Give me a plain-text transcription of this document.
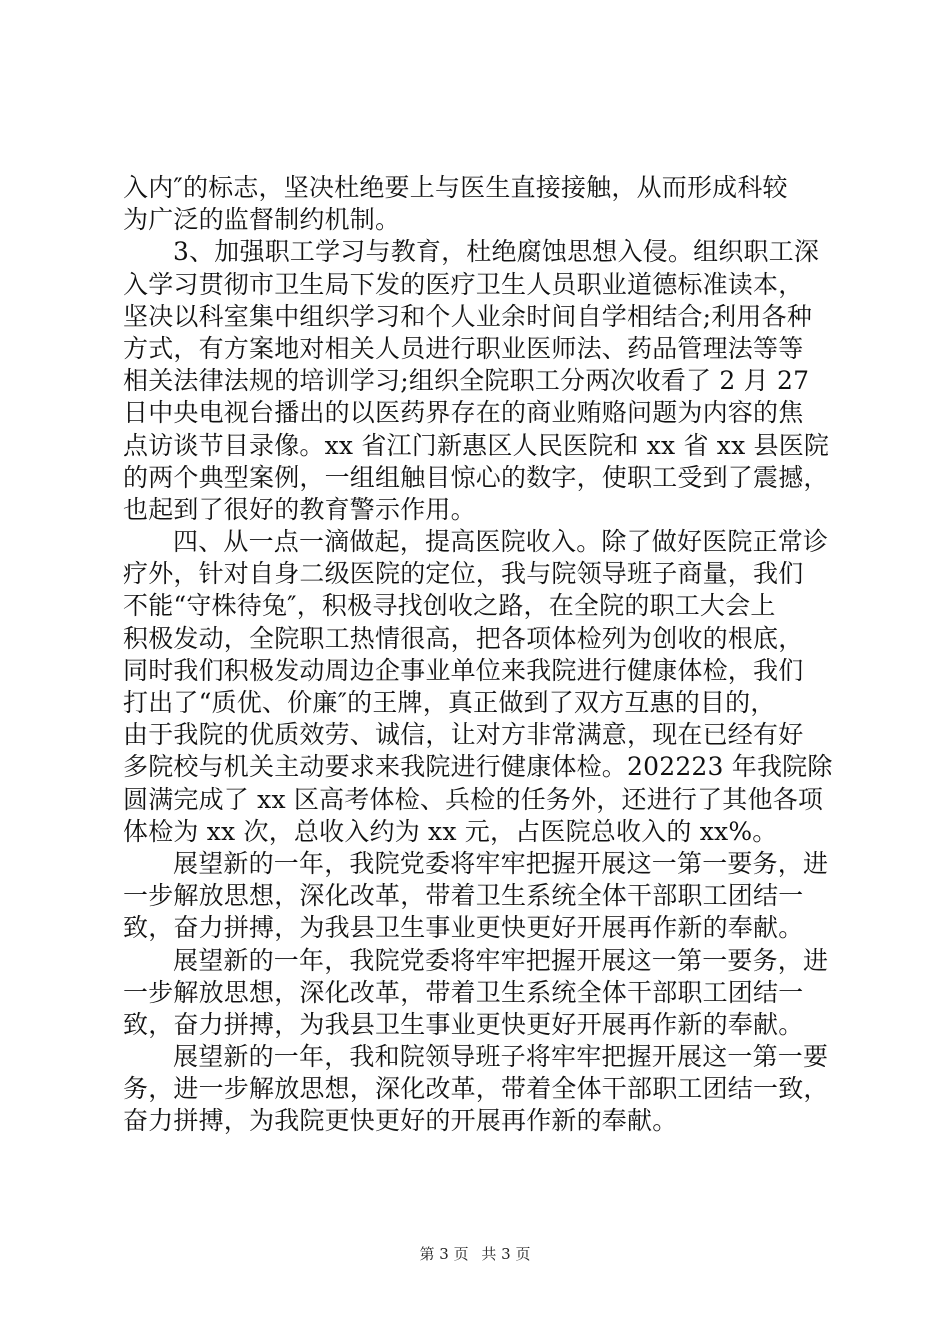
入内″的标志，坚决杜绝要上与医生直接接触，从而形成科较
为广泛的监督制约机制。
3、加强职工学习与教育，杜绝腐蚀思想入侵。组织职工深
入学习贯彻市卫生局下发的医疗卫生人员职业道德标准读本，
坚决以科室集中组织学习和个人业余时间自学相结合;利用各种
方式，有方案地对相关人员进行职业医师法、药品管理法等等
相关法律法规的培训学习;组织全院职工分两次收看了 2 月 27
日中央电视台播出的以医药界存在的商业贿赂问题为内容的焦
点访谈节目录像。xx 省江门新惠区人民医院和 xx 省 xx 县医院
的两个典型案例，一组组触目惊心的数字，使职工受到了震撼，
也起到了很好的教育警示作用。
四、从一点一滴做起，提高医院收入。除了做好医院正常诊
疗外，针对自身二级医院的定位，我与院领导班子商量，我们
不能“守株待兔″，积极寻找创收之路，在全院的职工大会上
积极发动，全院职工热情很高，把各项体检列为创收的根底，
同时我们积极发动周边企事业单位来我院进行健康体检，我们
打出了“质优、价廉″的王牌，真正做到了双方互惠的目的，
由于我院的优质效劳、诚信，让对方非常满意，现在已经有好
多院校与机关主动要求来我院进行健康体检。202223 年我院除
圆满完成了 xx 区高考体检、兵检的任务外，还进行了其他各项
体检为 xx 次，总收入约为 xx 元，占医院总收入的 xx%。
展望新的一年，我院党委将牢牢把握开展这一第一要务，进
一步解放思想，深化改革，带着卫生系统全体干部职工团结一
致，奋力拼搏，为我县卫生事业更快更好开展再作新的奉献。
展望新的一年，我院党委将牢牢把握开展这一第一要务，进
一步解放思想，深化改革，带着卫生系统全体干部职工团结一
致，奋力拼搏，为我县卫生事业更快更好开展再作新的奉献。
展望新的一年，我和院领导班子将牢牢把握开展这一第一要
务，进一步解放思想，深化改革，带着全体干部职工团结一致，
奋力拼搏，为我院更快更好的开展再作新的奉献。
第 3 页 共 3 页
